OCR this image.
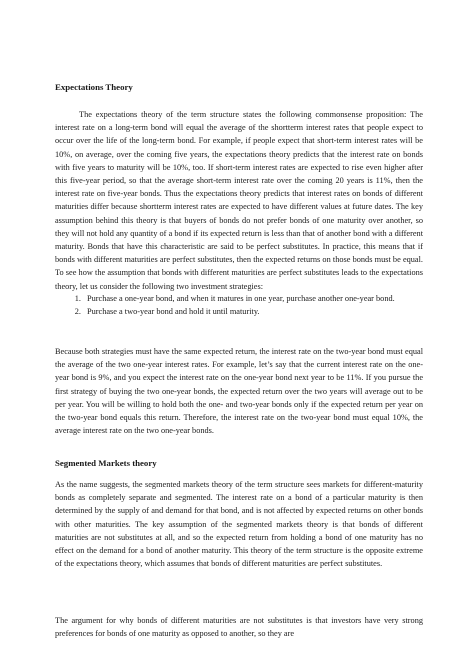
Expectations Theory

The expectations theory of the term structure states the following commonsense proposition: The interest rate on a long-term bond will equal the average of the shortterm interest rates that people expect to occur over the life of the long-term bond. For example, if people expect that short-term interest rates will be 10%, on average, over the coming five years, the expectations theory predicts that the interest rate on bonds with five years to maturity will be 10%, too. If short-term interest rates are expected to rise even higher after this five-year period, so that the average short-term interest rate over the coming 20 years is 11%, then the interest rate on five-year bonds. Thus the expectations theory predicts that interest rates on bonds of different maturities differ because shortterm interest rates are expected to have different values at future dates. The key assumption behind this theory is that buyers of bonds do not prefer bonds of one maturity over another, so they will not hold any quantity of a bond if its expected return is less than that of another bond with a different maturity. Bonds that have this characteristic are said to be perfect substitutes. In practice, this means that if bonds with different maturities are perfect substitutes, then the expected returns on those bonds must be equal. To see how the assumption that bonds with different maturities are perfect substitutes leads to the expectations theory, let us consider the following two investment strategies:

1. Purchase a one-year bond, and when it matures in one year, purchase another one-year bond.
2. Purchase a two-year bond and hold it until maturity.

Because both strategies must have the same expected return, the interest rate on the two-year bond must equal the average of the two one-year interest rates. For example, let’s say that the current interest rate on the one-year bond is 9%, and you expect the interest rate on the one-year bond next year to be 11%. If you pursue the first strategy of buying the two one-year bonds, the expected return over the two years will average out to be per year. You will be willing to hold both the one- and two-year bonds only if the expected return per year on the two-year bond equals this return. Therefore, the interest rate on the two-year bond must equal 10%, the average interest rate on the two one-year bonds.

Segmented Markets theory

As the name suggests, the segmented markets theory of the term structure sees markets for different-maturity bonds as completely separate and segmented. The interest rate on a bond of a particular maturity is then determined by the supply of and demand for that bond, and is not affected by expected returns on other bonds with other maturities. The key assumption of the segmented markets theory is that bonds of different maturities are not substitutes at all, and so the expected return from holding a bond of one maturity has no effect on the demand for a bond of another maturity. This theory of the term structure is the opposite extreme of the expectations theory, which assumes that bonds of different maturities are perfect substitutes.

The argument for why bonds of different maturities are not substitutes is that investors have very strong preferences for bonds of one maturity as opposed to another, so they are
